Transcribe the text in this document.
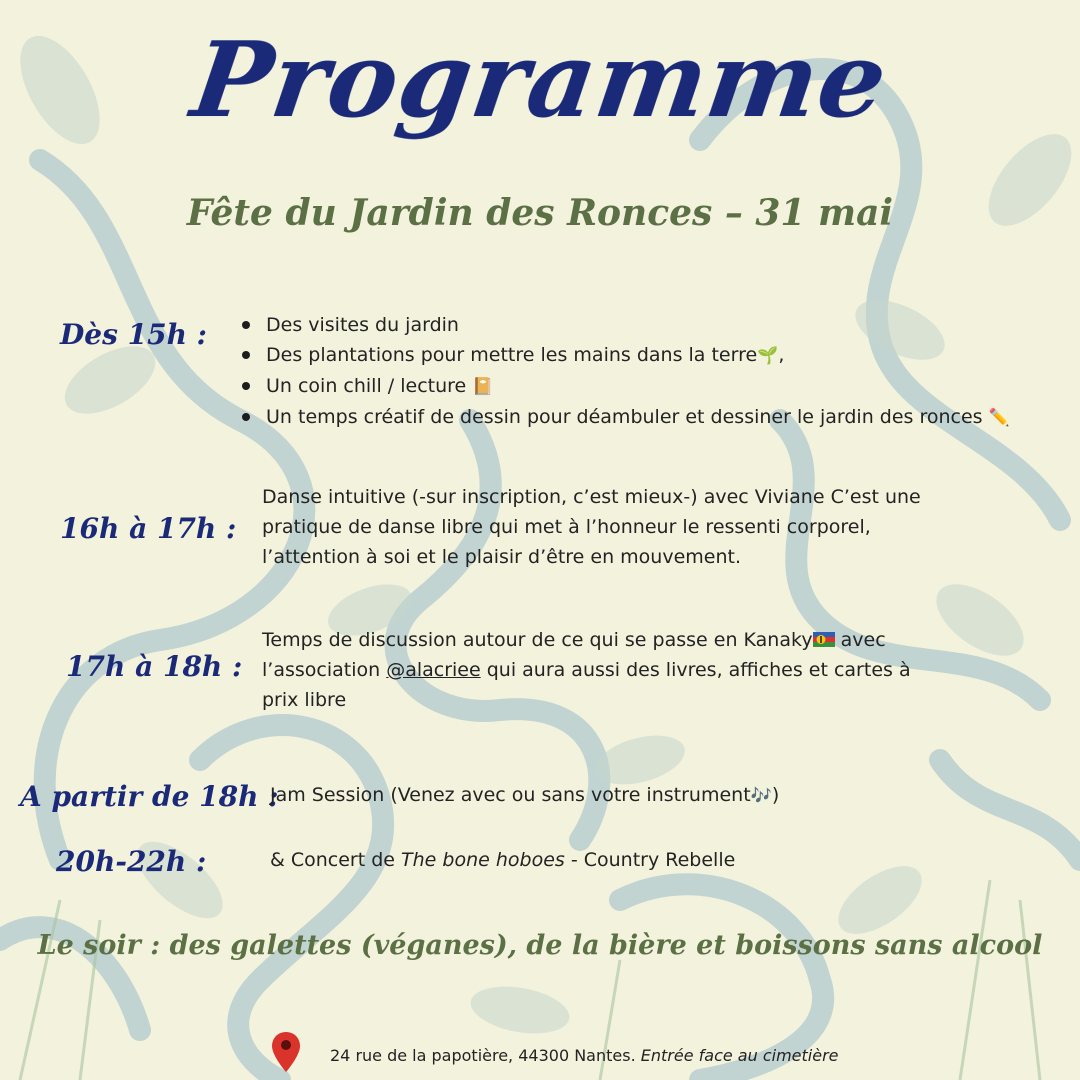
Programme
Fête du Jardin des Ronces – 31 mai
Dès 15h :	Des visites du jardin
Des plantations pour mettre les mains dans la terre🌱,
Un coin chill / lecture 📔
Un temps créatif de dessin pour déambuler et dessiner le jardin des ronces ✏️
16h à 17h :
Danse intuitive (-sur inscription, c’est mieux-) avec Viviane C’est une
pratique de danse libre qui met à l’honneur le ressenti corporel,
l’attention à soi et le plaisir d’être en mouvement.
17h à 18h :
Temps de discussion autour de ce qui se passe en Kanaky avec
l’association @alacriee qui aura aussi des livres, affiches et cartes à
prix libre
A partir de 18h :
Jam Session (Venez avec ou sans votre instrument🎶)
20h-22h :	& Concert de The bone hoboes - Country Rebelle
Le soir : des galettes (véganes), de la bière et boissons sans alcool
24 rue de la papotière, 44300 Nantes. Entrée face au cimetière
